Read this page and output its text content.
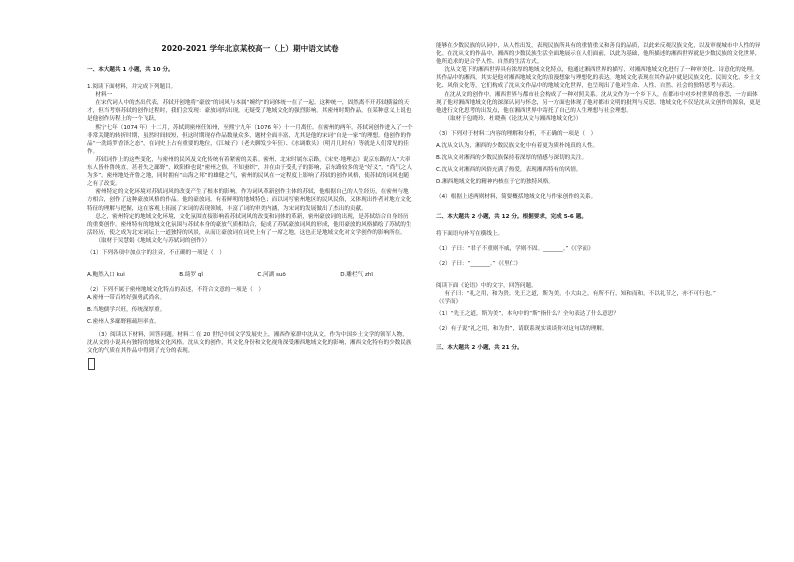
2020-2021 学年北京某校高一（上）期中语文试卷
一、本大题共 1 小题，共 10 分。

1.阅读下面材料，并完成下列题目。

材料一

在宋代词人中的杰出代表，苏轼开创地将“豪放”的词风与本属“婉约”的词体统一在了一起。这种统一，固然离不开苏轼横溢的天才，但当考察苏轼的创作过程时，我们会发现：豪放词的出现，无疑受了地域文化的强烈影响。其密州时期作品，在某种意义上说也是他创作历程上的一个飞跃。

熙宁七年（1074 年）十二月，苏轼到密州任知州，至熙宁九年（1076 年）十一月离任。在密州的两年，苏轼词创作进入了一个非常关键的转折时期，虽然时间较短，但这时期现存作品数量众多，题材全面丰富，尤其是他的宋词“自是一家”的理想。他创作的作品“一洗绮罗香泽之态”，在词史上占有重要的地位，《江城子》（老夫聊发少年狂）、《水调歌头》（明月几时有）等就是人们常见的佳作。

苏轼词作上的这些变化，与密州的民风及文化传统有着紧密的关系。密州，北宋时属东京路，《宋史·地理志》说京东路的人“大率东人皆朴鲁纯直，甚者失之鄙野”，欧阳修也说“密州之俗，不知蚕织”，并在由于受孔子的影响，京东路较多的是“好义”，“尚气之人为多”。密州地处齐鲁之地，同时拥有“山海之邦”的雄健之气，密州的民风在一定程度上影响了苏轼的创作风格，使苏轼的词风也随之有了改变。

密州特定的文化环境对苏轼词风的改变产生了根本的影响。作为词风革新创作主体的苏轼，他根据自己的人生经历，在密州与地方相合，创作了这种豪放风格的作品。他的豪放词，有着鲜明的地域特色；而以词写密州地区的民风民俗，又体现出作者对地方文化特征的理解与把握，这在客观上拓展了宋词的表现领域，丰富了词的审美内涵，为宋词的发展做出了杰出的贡献。

总之，密州特定的地域文化环境，文化氛围直接影响着苏轼词风的改变和词体的革新，密州豪放词的出现，是苏轼结合自身经历的重要创作。密州特有的地域文化氛围与苏轼本身的豪放气质相结合，促成了苏轼豪放词风的形成，他用豪放的风格描绘了苏轼的生活经历，使之成为北宋词坛上一道独特的风景，从而让豪放词在词史上有了一席之地，这也正是地域文化对文学创作的影响所在。

（取材于吴慧娟《地域文化与苏轼词的创作》）

（1）下列各项中加点字的注音，不正确的一项是（　）

A.鲍然入口 kuì	B.绮罗 qǐ	C.河湖 suō	D.雕栏气 zhī

（2）下列不属于密州地域文化特点的表述，不符合文意的一项是（　）

A.密州一带百姓好强勇武尚名。

B.当地儒学兴旺，传统深厚重。

C.密州人多鄙野粗疏坦率直。

（3）阅读以下材料，回答问题。材料二 在 20 世纪中国文学发展史上，湘西作家群中沈从文，作为中国乡土文学的领军人物，沈从文的小说具有独特的地域文化风格。沈从文的创作，其文化身份和文化视角深受湘西地域文化的影响，湘西文化特有的少数民族文化的气质在其作品中得到了充分的表现。

能够在少数民族的认同中，从人性出发，表现民族所具有的重情重义和善良的品质，以此来反观汉族文化，以及审视城市中人性的异化。在沈从文的作品中，湘西的少数民族生活全面地展示在人们面前，以此为基础，他所描述的湘西世界就是少数民族的文化世界，他所追求的是合乎人性、自然的生活方式。

沈从文笔下的湘西世界具有浓厚的地域文化特点，他通过湘西世界的描写，对湘西地域文化进行了一种审美化、诗意化的处理。其作品中的湘西，其实是他对湘西地域文化的浪漫想象与理想化的表达。地域文化表现在其作品中就是民族文化、民间文化、乡土文化、风俗文化等，它们构成了沈从文作品中的地域文化世界，也呈现出了他对生命、人性、自然、社会的独特思考与表达。

在沈从文的创作中，湘西世界与都市社会构成了一种对照关系。沈从文作为一个乡下人，在都市中对乡村世界的眷恋，一方面体现了他对湘西地域文化的深深认同与怀念，另一方面也体现了他对都市文明的批判与反思。地域文化不仅是沈从文创作的源泉，更是他进行文化思考的出发点，他在湘西世界中寄托了自己的人生理想与社会理想。

（取材于包晓玲、杜晓燕《论沈从文与湘西地域文化》）

（3）下列对于材料二内容的理解和分析，不正确的一项是（　）

A.沈从文认为，湘西的少数民族文化中有着更为质朴纯真的人性。

B.沈从文对湘西的少数民族保持着深厚的情感与深切的关注。

C.沈从文对湘西的风俗充满了热爱，表现湘西特有的风情。

D.湘西地域文化的精神内核在于它的独特风格。

（4）根据上述两则材料，简要概括地域文化与作家创作的关系。

二、本大题共 2 小题，共 12 分。根据要求，完成 5-6 题。

将下面语句补写在横线上。

（1）子曰：“君子不重则不威，学则不固。_______。”《《学而》

（2）子曰：“_______。”《《里仁》

阅读下面《论语》中的文字，回答问题。

有子曰：“礼之用，和为贵。先王之道，斯为美，小大由之。有所不行，知和而和，不以礼节之，亦不可行也。”

（《学而》

（1）“先王之道，斯为美”，本句中的“斯”指什么？全句表达了什么意思？

（2）有子说“礼之用，和为贵”，请联系现实谈谈你对这句话的理解。

三、本大题共 2 小题，共 21 分。
